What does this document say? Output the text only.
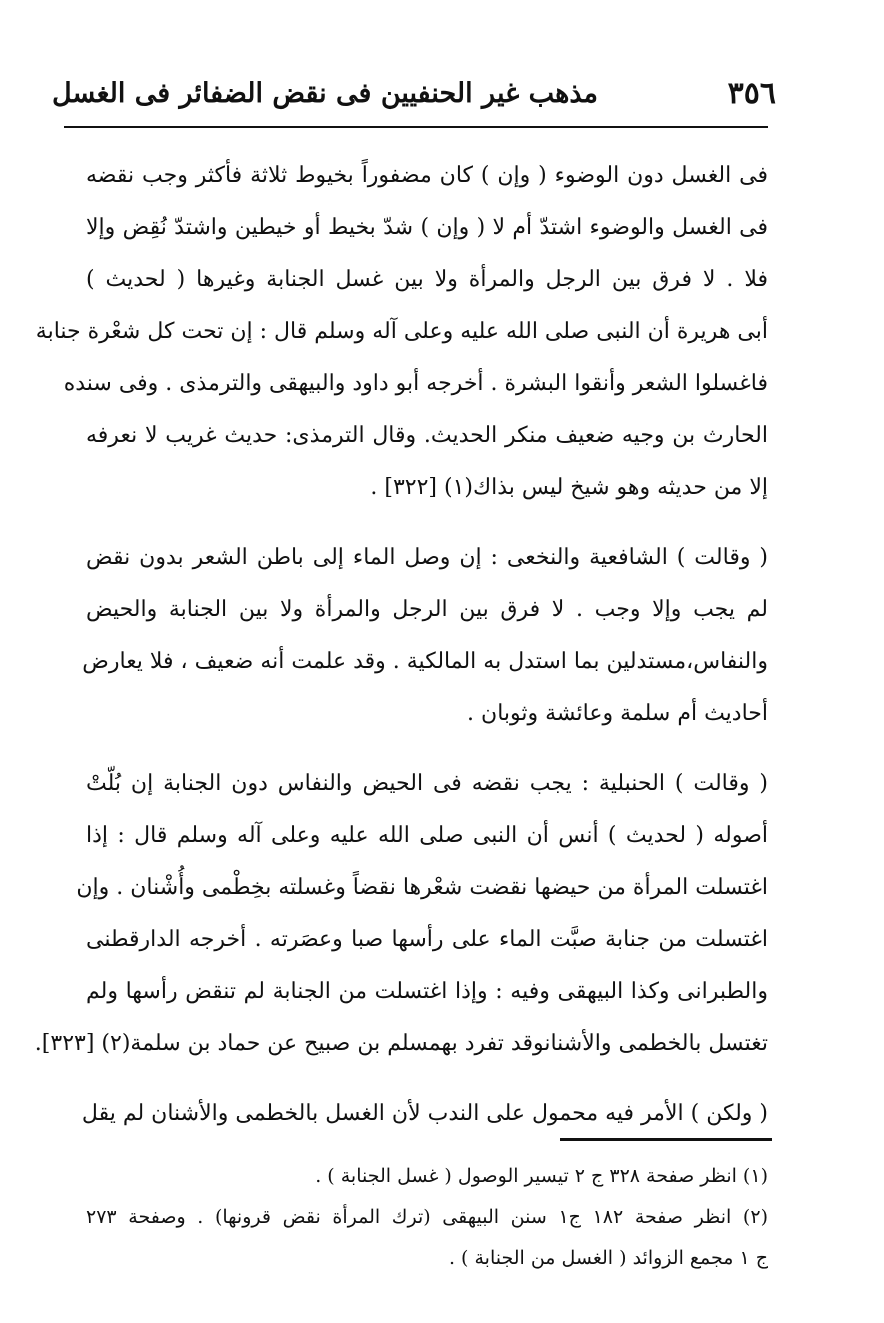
٣٥٦
مذهب غير الحنفيين فى نقض الضفائر فى الغسل
فى الغسل دون الوضوء ( وإن ) كان مضفوراً بخيوط ثلاثة فأكثر وجب نقضه
فى الغسل والوضوء اشتدّ أم لا ( وإن ) شدّ بخيط أو خيطين واشتدّ نُقِض وإلا
فلا . لا فرق بين الرجل والمرأة ولا بين غسل الجنابة وغيرها ( لحديث )
أبى هريرة أن النبى صلى الله عليه وعلى آله وسلم قال : إن تحت كل شعْرة جنابة
فاغسلوا الشعر وأنقوا البشرة . أخرجه أبو داود والبيهقى والترمذى . وفى سنده
الحارث بن وجيه ضعيف منكر الحديث. وقال الترمذى: حديث غريب لا نعرفه
إلا من حديثه وهو شيخ ليس بذاك(١) [٣٢٢] .
( وقالت ) الشافعية والنخعى : إن وصل الماء إلى باطن الشعر بدون نقض
لم يجب وإلا وجب . لا فرق بين الرجل والمرأة ولا بين الجنابة والحيض
والنفاس،مستدلين بما استدل به المالكية . وقد علمت أنه ضعيف ، فلا يعارض
أحاديث أم سلمة وعائشة وثوبان .
( وقالت ) الحنبلية : يجب نقضه فى الحيض والنفاس دون الجنابة إن بُلّتْ
أصوله ( لحديث ) أنس أن النبى صلى الله عليه وعلى آله وسلم قال : إذا
اغتسلت المرأة من حيضها نقضت شعْرها نقضاً وغسلته بخِطْمى وأُشْنان . وإن
اغتسلت من جنابة صبَّت الماء على رأسها صبا وعصَرته . أخرجه الدارقطنى
والطبرانى وكذا البيهقى وفيه : وإذا اغتسلت من الجنابة لم تنقض رأسها ولم
تغتسل بالخطمى والأشنانوقد تفرد بهمسلم بن صبيح عن حماد بن سلمة(٢) [٣٢٣].
( ولكن ) الأمر فيه محمول على الندب لأن الغسل بالخطمى والأشنان لم يقل
(١) انظر صفحة ٣٢٨ ج ٢ تيسير الوصول ( غسل الجنابة ) .
(٢) انظر صفحة ١٨٢ ج١ سنن البيهقى (ترك المرأة نقض قرونها) . وصفحة ٢٧٣
ج ١ مجمع الزوائد ( الغسل من الجنابة ) .
